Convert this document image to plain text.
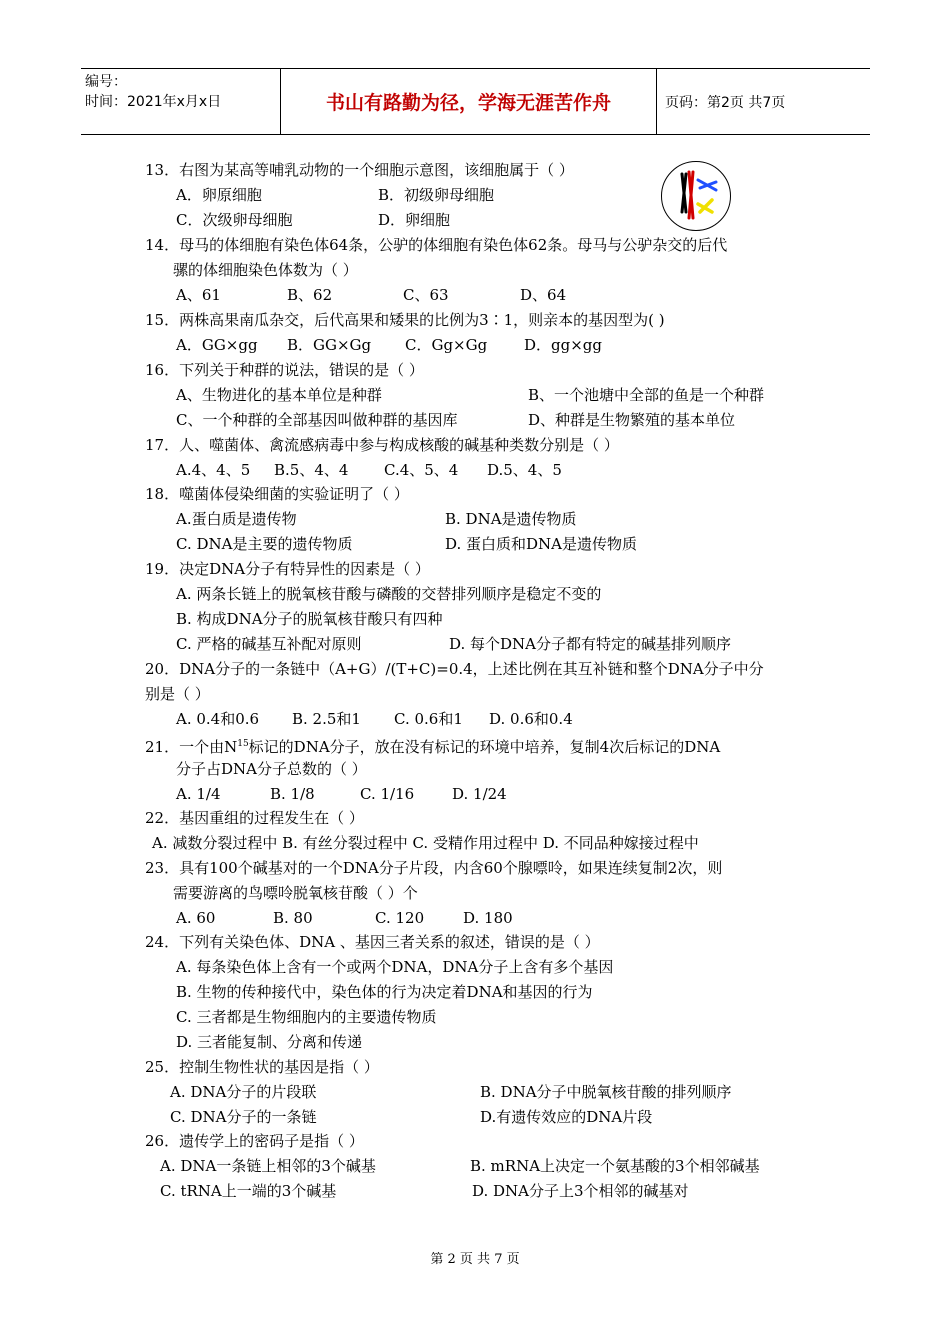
编号：
时间：2021年x月x日	书山有路勤为径，学海无涯苦作舟	页码：第2页 共7页
13．右图为某高等哺乳动物的一个细胞示意图，该细胞属于（ ）
A．卵原细胞	B．初级卵母细胞
C．次级卵母细胞	D．卵细胞
14．母马的体细胞有染色体64条，公驴的体细胞有染色体62条。母马与公驴杂交的后代
骡的体细胞染色体数为（ ）
A、61	B、62	C、63	D、64
15．两株高果南瓜杂交，后代高果和矮果的比例为3∶1，则亲本的基因型为( )
A．GG×gg B．GG×Gg C．Gg×Gg D．gg×gg
16．下列关于种群的说法，错误的是（ ）
A、生物进化的基本单位是种群	B、一个池塘中全部的鱼是一个种群
C、一个种群的全部基因叫做种群的基因库	D、种群是生物繁殖的基本单位
17．人、噬菌体、禽流感病毒中参与构成核酸的碱基种类数分别是（ ）
A.4、4、5 B.5、4、4 C.4、5、4 D.5、4、5
18．噬菌体侵染细菌的实验证明了（ ）
A.蛋白质是遗传物	B. DNA是遗传物质
C. DNA是主要的遗传物质	D. 蛋白质和DNA是遗传物质
19．决定DNA分子有特异性的因素是（ ）
A. 两条长链上的脱氧核苷酸与磷酸的交替排列顺序是稳定不变的
B. 构成DNA分子的脱氧核苷酸只有四种
C. 严格的碱基互补配对原则	D. 每个DNA分子都有特定的碱基排列顺序
20．DNA分子的一条链中（A+G）/(T+C)=0.4，上述比例在其互补链和整个DNA分子中分
别是（ ）
A. 0.4和0.6 B. 2.5和1 C. 0.6和1 D. 0.6和0.4
21．一个由$N^{15}$标记的DNA分子，放在没有标记的环境中培养，复制4次后标记的DNA
分子占DNA分子总数的（ ）
A. 1/4	B. 1/8	C. 1/16	D. 1/24
22．基因重组的过程发生在（ ）
A. 减数分裂过程中 B. 有丝分裂过程中 C. 受精作用过程中 D. 不同品种嫁接过程中
23．具有100个碱基对的一个DNA分子片段，内含60个腺嘌呤，如果连续复制2次，则
需要游离的鸟嘌呤脱氧核苷酸（ ）个
A. 60	B. 80	C. 120	D. 180
24．下列有关染色体、DNA 、基因三者关系的叙述，错误的是（ ）
A. 每条染色体上含有一个或两个DNA，DNA分子上含有多个基因
B. 生物的传种接代中，染色体的行为决定着DNA和基因的行为
C. 三者都是生物细胞内的主要遗传物质
D. 三者能复制、分离和传递
25．控制生物性状的基因是指（ ）
A. DNA分子的片段联	B. DNA分子中脱氧核苷酸的排列顺序
C. DNA分子的一条链	D.有遗传效应的DNA片段
26．遗传学上的密码子是指（ ）
A. DNA一条链上相邻的3个碱基	B. mRNA上决定一个氨基酸的3个相邻碱基
C. tRNA上一端的3个碱基	D. DNA分子上3个相邻的碱基对
第 2 页 共 7 页
